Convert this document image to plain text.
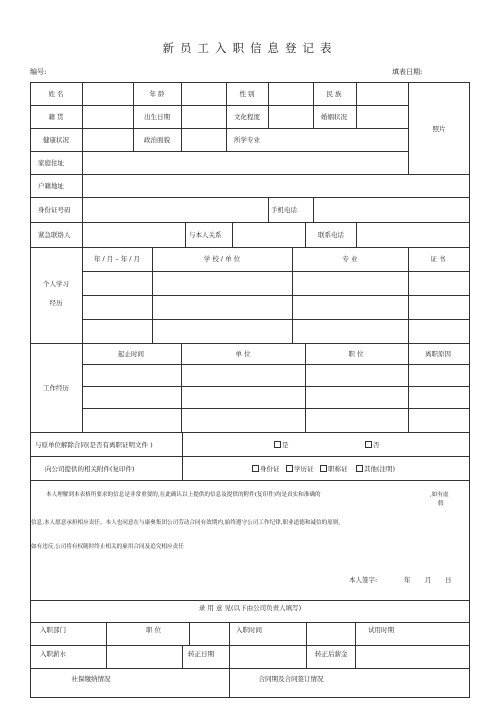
新员工入职信息登记表
编号:	填表日期:
姓 名	年 龄	性 别	民 族
籍 贯	出生日期	文化程度	婚姻状况
健康状况	政治面貌	所学专业
照片
家庭住址
户籍地址
身份证号码	手机电话
紧急联络人	与本人关系	联系电话
个人学习
经历
年 / 月 – 年 / 月	学 校 / 单 位	专 业	证 书
工作经历
起止时间	单 位	职 位	离职原因
与原单位解除合同(是否有离职证明文件 )	是	否
向公司提供的相关附件(复印件)	身份证	学历证	职称证	其他(注明)
本人理解到本表格所要求的信息是非常重要的,在此确认以上提供的信息及提供的附件(复印件)均是真实和准确的	,如有虚
假
信息,本人愿意承担相应责任。本人也同意在与康奥集团公司劳动合同有效期内,始终遵守公司工作纪律,职业道德和诚信的原则,
如有违反,公司将有权随时终止相关的雇用合同及追究相应责任
本人签字:	年 月 日
录 用 意 见(以下由公司负责人填写)
入职部门	职 位	入职时间	试用时期
入职薪水	转正日期	转正后薪金
社保缴纳情况	合同期及合同签订情况
